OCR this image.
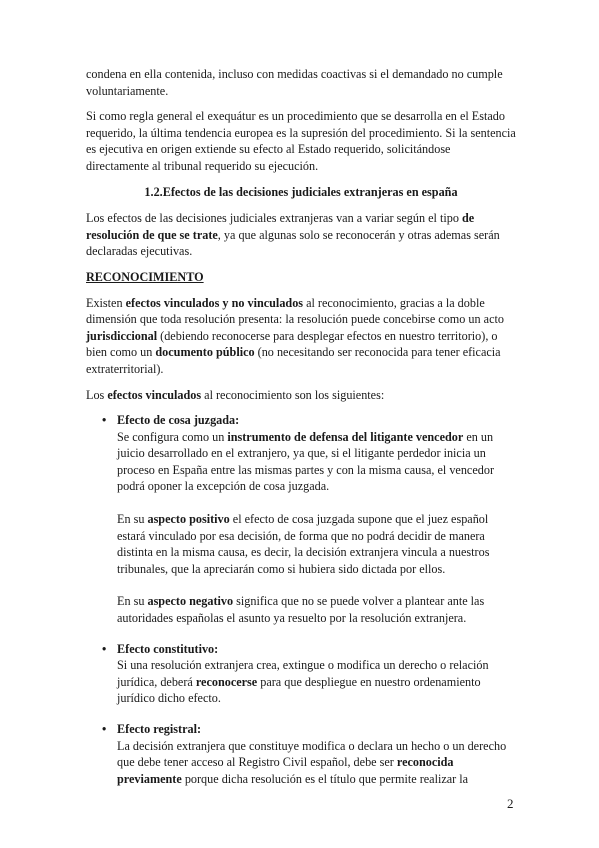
condena en ella contenida, incluso con medidas coactivas si el demandado no cumple voluntariamente.

Si como regla general el exequátur es un procedimiento que se desarrolla en el Estado requerido, la última tendencia europea es la supresión del procedimiento. Si la sentencia es ejecutiva en origen extiende su efecto al Estado requerido, solicitándose directamente al tribunal requerido su ejecución.

1.2.Efectos de las decisiones judiciales extranjeras en españa

Los efectos de las decisiones judiciales extranjeras van a variar según el tipo de resolución de que se trate, ya que algunas solo se reconocerán y otras ademas serán declaradas ejecutivas.

RECONOCIMIENTO

Existen efectos vinculados y no vinculados al reconocimiento, gracias a la doble dimensión que toda resolución presenta: la resolución puede concebirse como un acto jurisdiccional (debiendo reconocerse para desplegar efectos en nuestro territorio), o bien como un documento público (no necesitando ser reconocida para tener eficacia extraterritorial).

Los efectos vinculados al reconocimiento son los siguientes:

• Efecto de cosa juzgada:
Se configura como un instrumento de defensa del litigante vencedor en un juicio desarrollado en el extranjero, ya que, si el litigante perdedor inicia un proceso en España entre las mismas partes y con la misma causa, el vencedor podrá oponer la excepción de cosa juzgada.
En su aspecto positivo el efecto de cosa juzgada supone que el juez español estará vinculado por esa decisión, de forma que no podrá decidir de manera distinta en la misma causa, es decir, la decisión extranjera vincula a nuestros tribunales, que la apreciarán como si hubiera sido dictada por ellos.
En su aspecto negativo significa que no se puede volver a plantear ante las autoridades españolas el asunto ya resuelto por la resolución extranjera.
• Efecto constitutivo:
Si una resolución extranjera crea, extingue o modifica un derecho o relación jurídica, deberá reconocerse para que despliegue en nuestro ordenamiento jurídico dicho efecto.
• Efecto registral:
La decisión extranjera que constituye modifica o declara un hecho o un derecho que debe tener acceso al Registro Civil español, debe ser reconocida previamente porque dicha resolución es el título que permite realizar la
2
